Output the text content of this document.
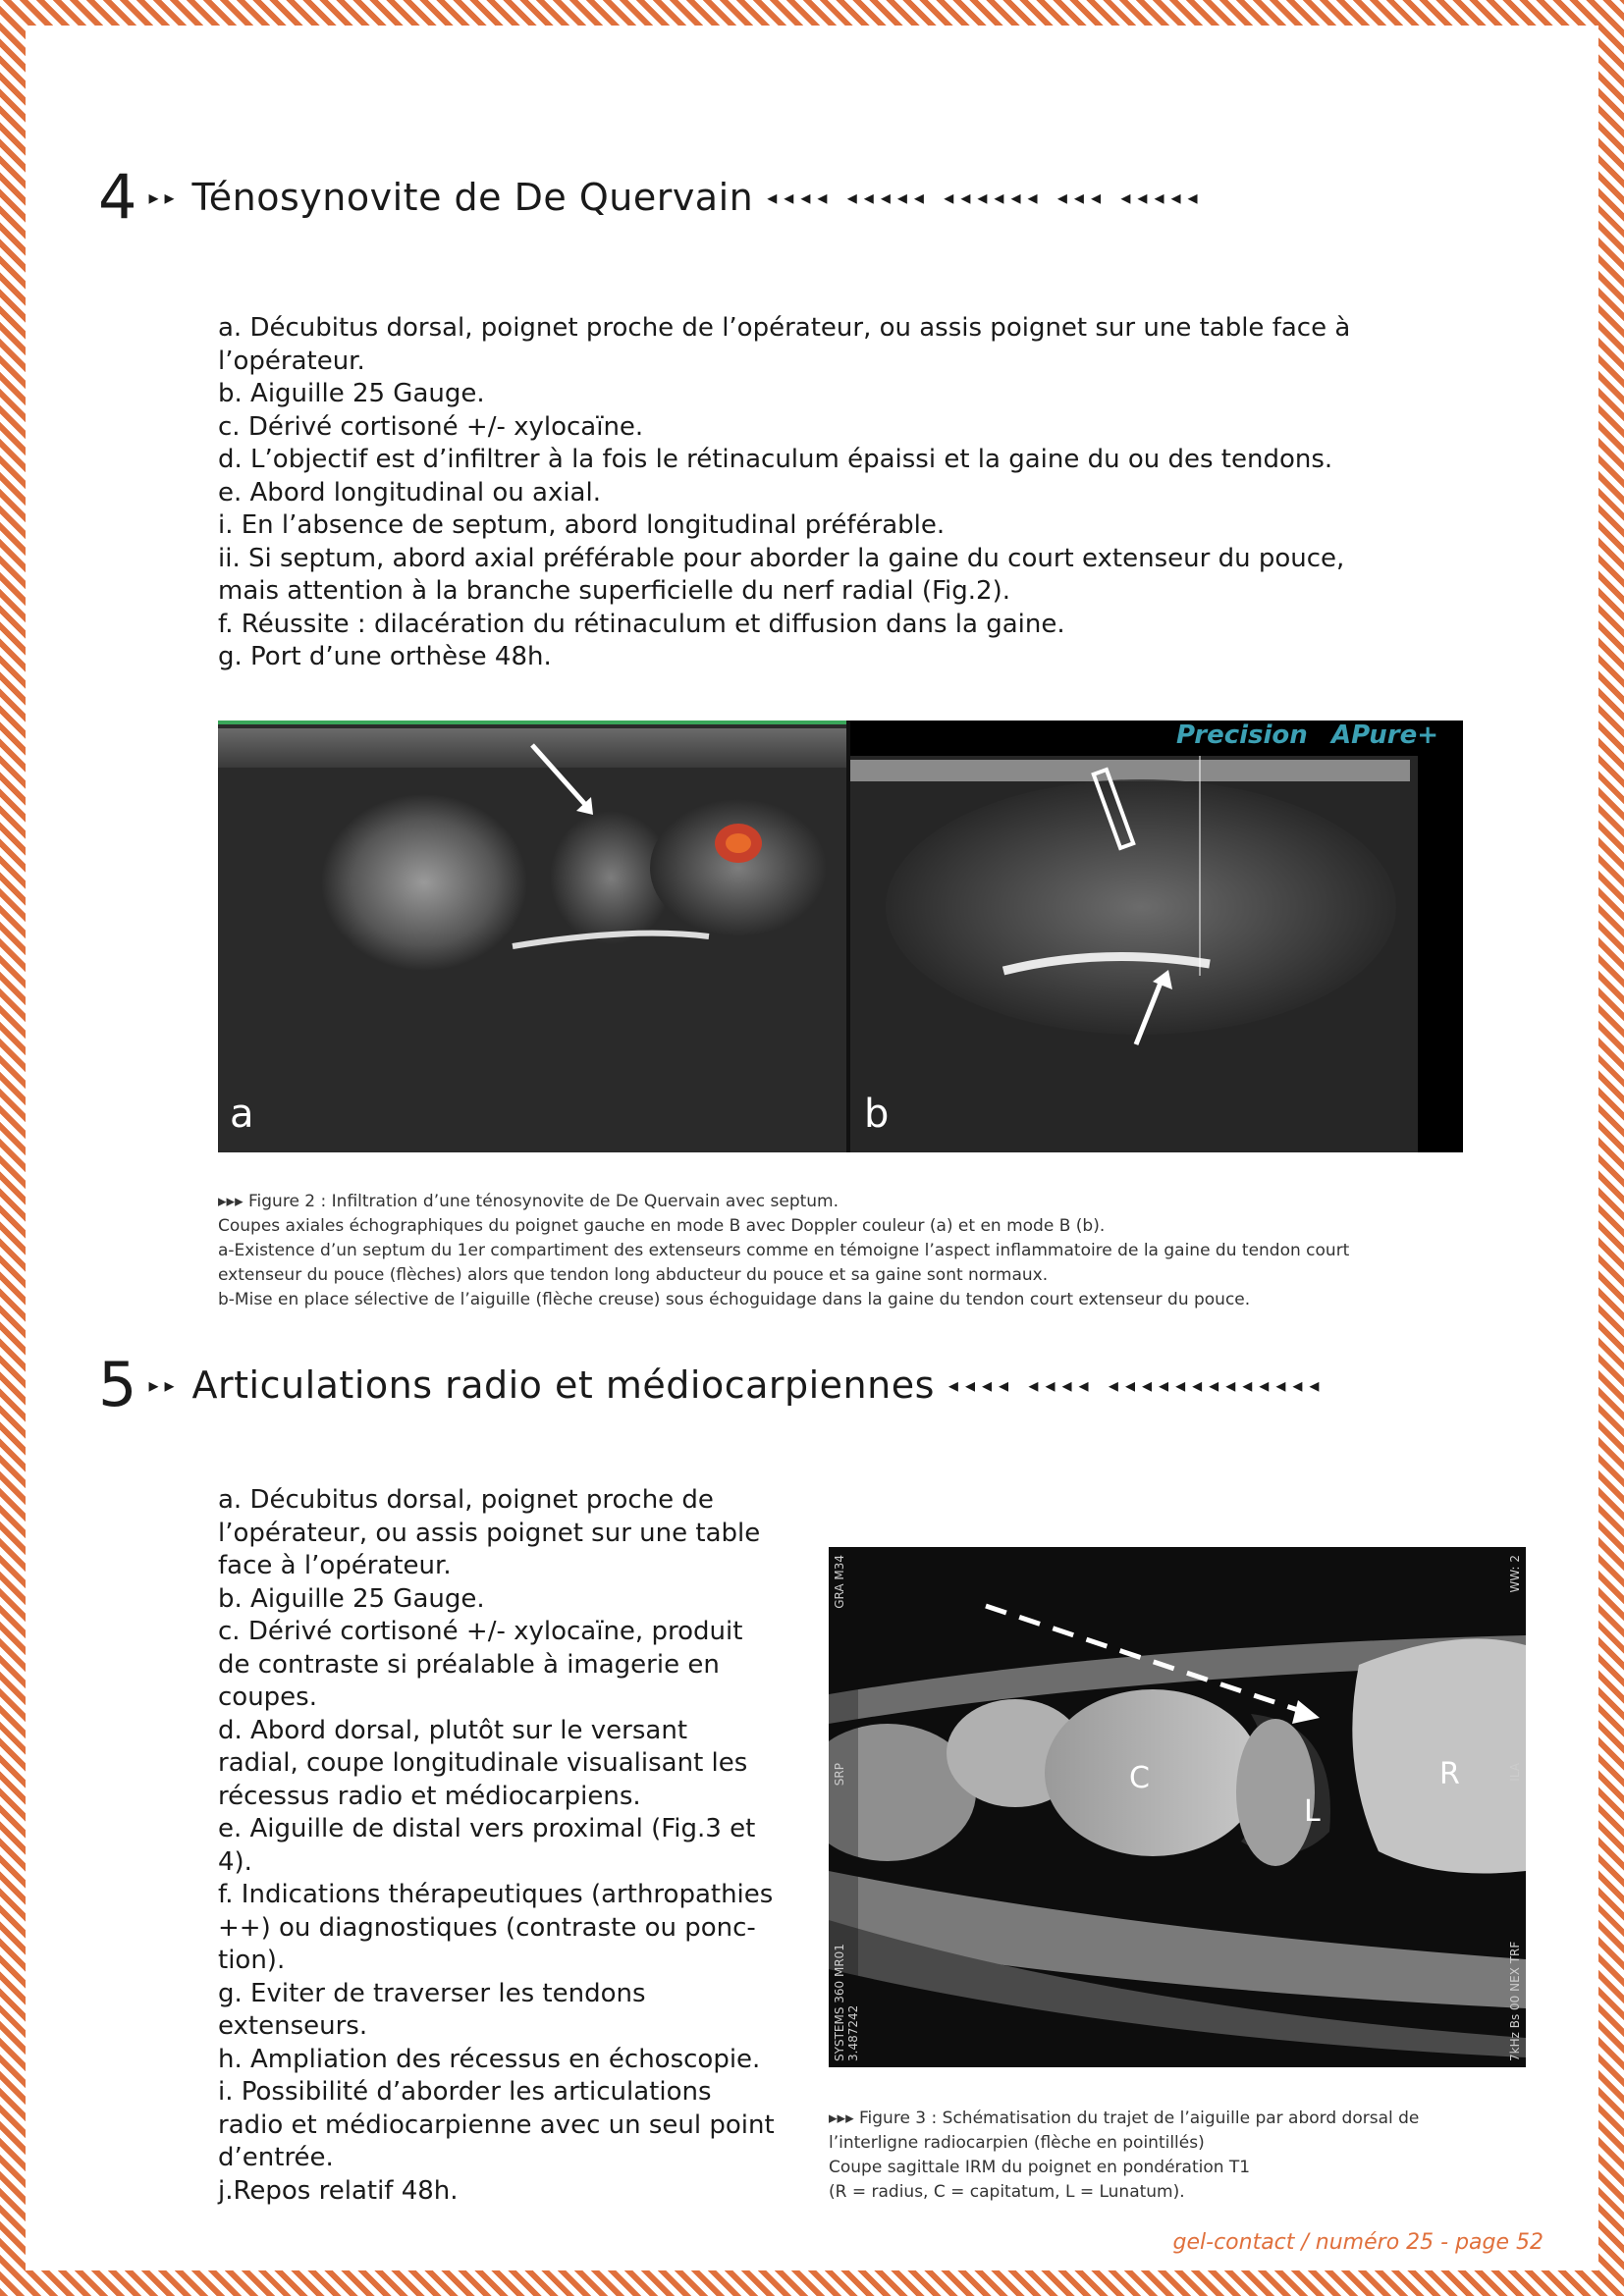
4 ▸▸ Ténosynovite de De Quervain ◂◂◂◂ ◂◂◂◂◂ ◂◂◂◂◂◂ ◂◂◂ ◂◂◂◂◂
a. Décubitus dorsal, poignet proche de l’opérateur, ou assis poignet sur une table face à
l’opérateur.
b. Aiguille 25 Gauge.
c. Dérivé cortisoné +/- xylocaïne.
d. L’objectif est d’infiltrer à la fois le rétinaculum épaissi et la gaine du ou des tendons.
e. Abord longitudinal ou axial.
i. En l’absence de septum, abord longitudinal préférable.
ii. Si septum, abord axial préférable pour aborder la gaine du court extenseur du pouce,
mais attention à la branche superficielle du nerf radial (Fig.2).
f. Réussite : dilacération du rétinaculum et diffusion dans la gaine.
g. Port d’une orthèse 48h.
Precision APure+
a	b
▸▸▸ Figure 2 : Infiltration d’une ténosynovite de De Quervain avec septum.
Coupes axiales échographiques du poignet gauche en mode B avec Doppler couleur (a) et en mode B (b).
a-Existence d’un septum du 1er compartiment des extenseurs comme en témoigne l’aspect inflammatoire de la gaine du tendon court
extenseur du pouce (flèches) alors que tendon long abducteur du pouce et sa gaine sont normaux.
b-Mise en place sélective de l’aiguille (flèche creuse) sous échoguidage dans la gaine du tendon court extenseur du pouce.
5 ▸▸ Articulations radio et médiocarpiennes ◂◂◂◂ ◂◂◂◂ ◂◂◂◂◂◂◂◂◂◂◂◂◂
a. Décubitus dorsal, poignet proche de
l’opérateur, ou assis poignet sur une table
face à l’opérateur.
b. Aiguille 25 Gauge.
c. Dérivé cortisoné +/- xylocaïne, produit
de contraste si préalable à imagerie en
coupes.
d. Abord dorsal, plutôt sur le versant
radial, coupe longitudinale visualisant les
récessus radio et médiocarpiens.
e. Aiguille de distal vers proximal (Fig.3 et
4).
f. Indications thérapeutiques (arthropathies
++) ou diagnostiques (contraste ou ponc-
tion).
g. Eviter de traverser les tendons
extenseurs.
h. Ampliation des récessus en échoscopie.
i. Possibilité d’aborder les articulations
radio et médiocarpienne avec un seul point
d’entrée.
j.Repos relatif 48h.
C
L
R
GRA M34	WW: 2
SRP	ILA
SYSTEMS 360 MR01 3.487242	7kHz Bs 00 NEX TRF
▸▸▸ Figure 3 : Schématisation du trajet de l’aiguille par abord dorsal de
l’interligne radiocarpien (flèche en pointillés)
Coupe sagittale IRM du poignet en pondération T1
(R = radius, C = capitatum, L = Lunatum).
gel-contact / numéro 25 - page 52
